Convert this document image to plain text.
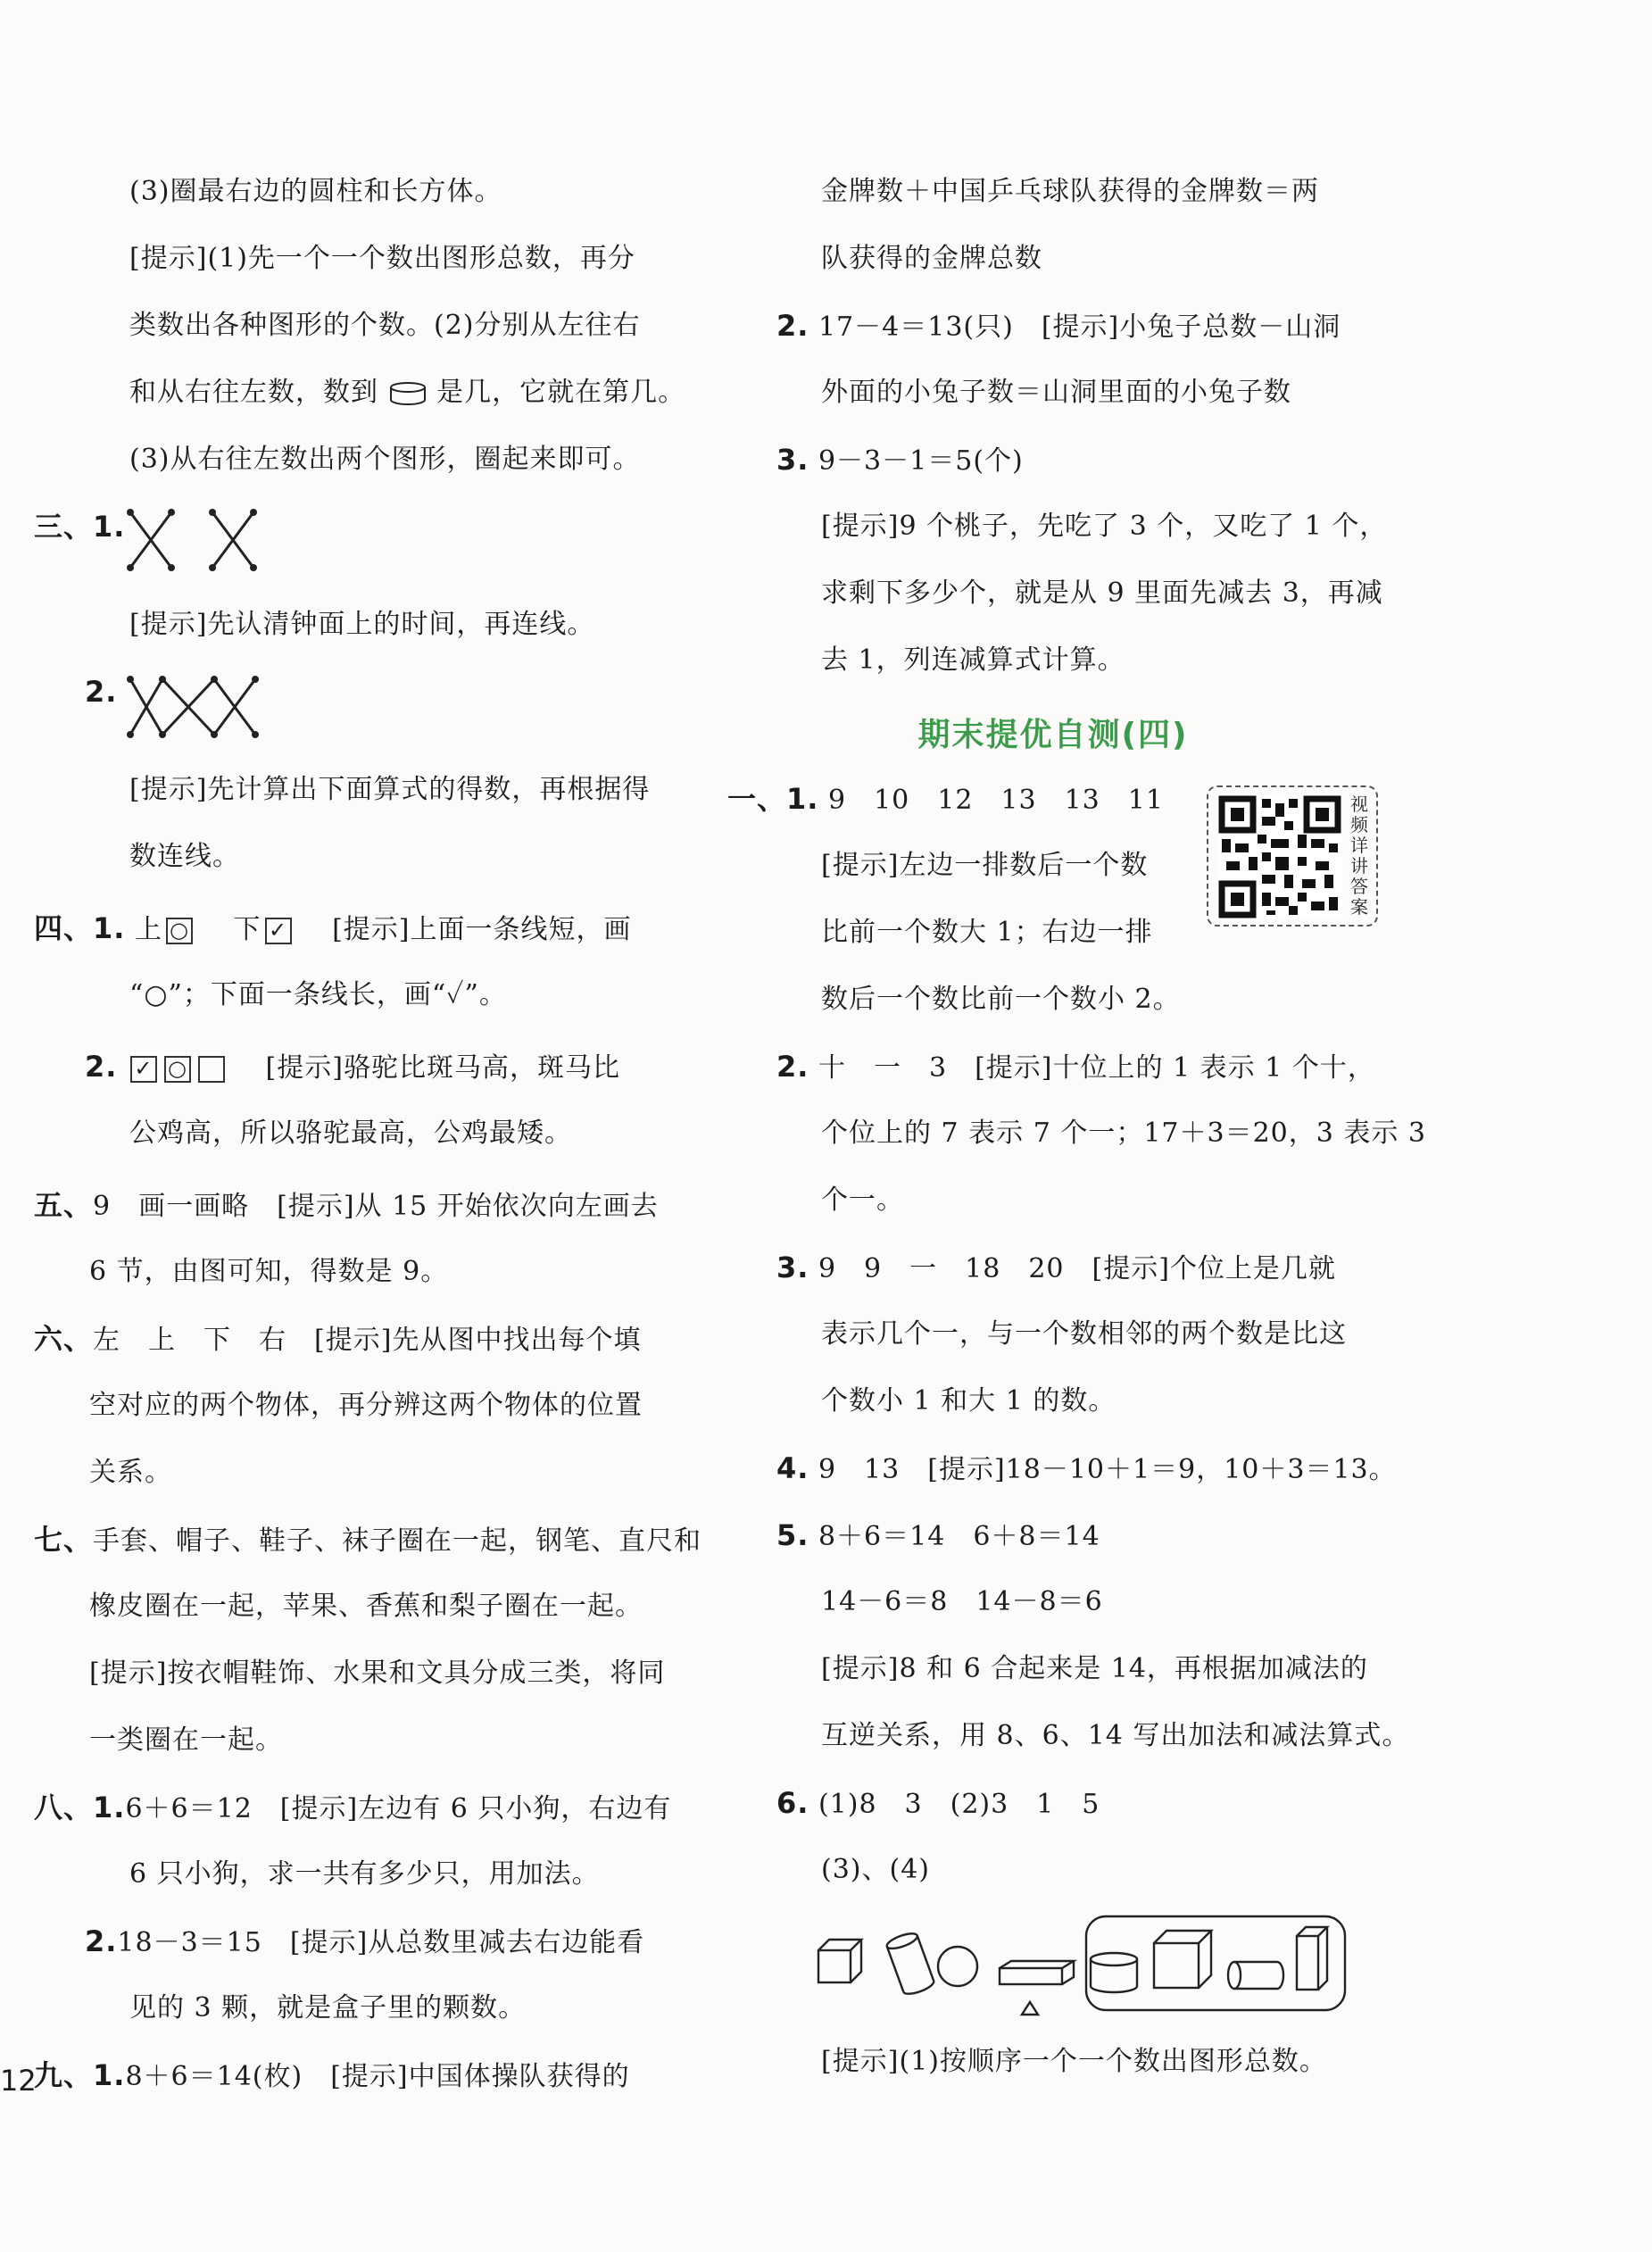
(3)圈最右边的圆柱和长方体。
[ 提示 ] (1)先一个一个数出图形总数，再分
类数出各种图形的个数。(2)分别从左往右
和从右往左数，数到 是几，它就在第几。
(3)从右往左数出两个图形，圈起来即可。
三、1.
[ 提示 ] 先认清钟面上的时间，再连线。
2.
[ 提示 ] 先计算出下面算式的得数，再根据得
数连线。
四、1. 上 ○
　 下 ✓
　 [ 提示 ] 上面一条线短，画
“○”；下面一条线长，画“✓”。
2. ✓ ○
　	[ 提示 ] 骆驼比斑马高，斑马比
公鸡高，所以骆驼最高，公鸡最矮。
五、9　画一画略　[ 提示 ] 从 15 开始依次向左画去
6 节，由图可知，得数是 9。
六、左　上　下　右　[ 提示 ] 先从图中找出每个填
空对应的两个物体，再分辨这两个物体的位置
关系。
七、手套、帽子、鞋子、袜子圈在一起，钢笔、直尺和
橡皮圈在一起，苹果、香蕉和梨子圈在一起。
[ 提示 ] 按衣帽鞋饰、水果和文具分成三类，将同
一类圈在一起。
八、1.6＋6＝12　[ 提示 ] 左边有 6 只小狗，右边有
6 只小狗，求一共有多少只，用加法。
2.18－3＝15　[ 提示 ] 从总数里减去右边能看
见的 3 颗，就是盒子里的颗数。
九、1.8＋6＝14(枚)　[ 提示 ] 中国体操队获得的
12
金牌数＋中国乒乓球队获得的金牌数＝两
队获得的金牌总数
2. 17－4＝13(只)　[ 提示 ] 小兔子总数－山洞
外面的小兔子数＝山洞里面的小兔子数
3. 9－3－1＝5(个)
[ 提示 ] 9 个桃子，先吃了 3 个，又吃了 1 个，
求剩下多少个，就是从 9 里面先减去 3，再减
去 1，列连减算式计算。
期末提优自测(四)
一、1. 9　10　12　13　13　11	视频详讲答案
[ 提示 ] 左边一排数后一个数
比前一个数大 1；右边一排
数后一个数比前一个数小 2。
2. 十　一　3　[ 提示 ] 十位上的 1 表示 1 个十，
个位上的 7 表示 7 个一；17＋3＝20，3 表示 3
个一。
3. 9　9　一　18　20　[ 提示 ] 个位上是几就
表示几个一，与一个数相邻的两个数是比这
个数小 1 和大 1 的数。
4. 9　13　[ 提示 ] 18－10＋1＝9，10＋3＝13。
5. 8＋6＝14　6＋8＝14
14－6＝8　14－8＝6
[ 提示 ] 8 和 6 合起来是 14，再根据加减法的
互逆关系，用 8、6、14 写出加法和减法算式。
6. (1)8　3　(2)3　1　5
(3)、(4)
[ 提示 ] (1)按顺序一个一个数出图形总数。
